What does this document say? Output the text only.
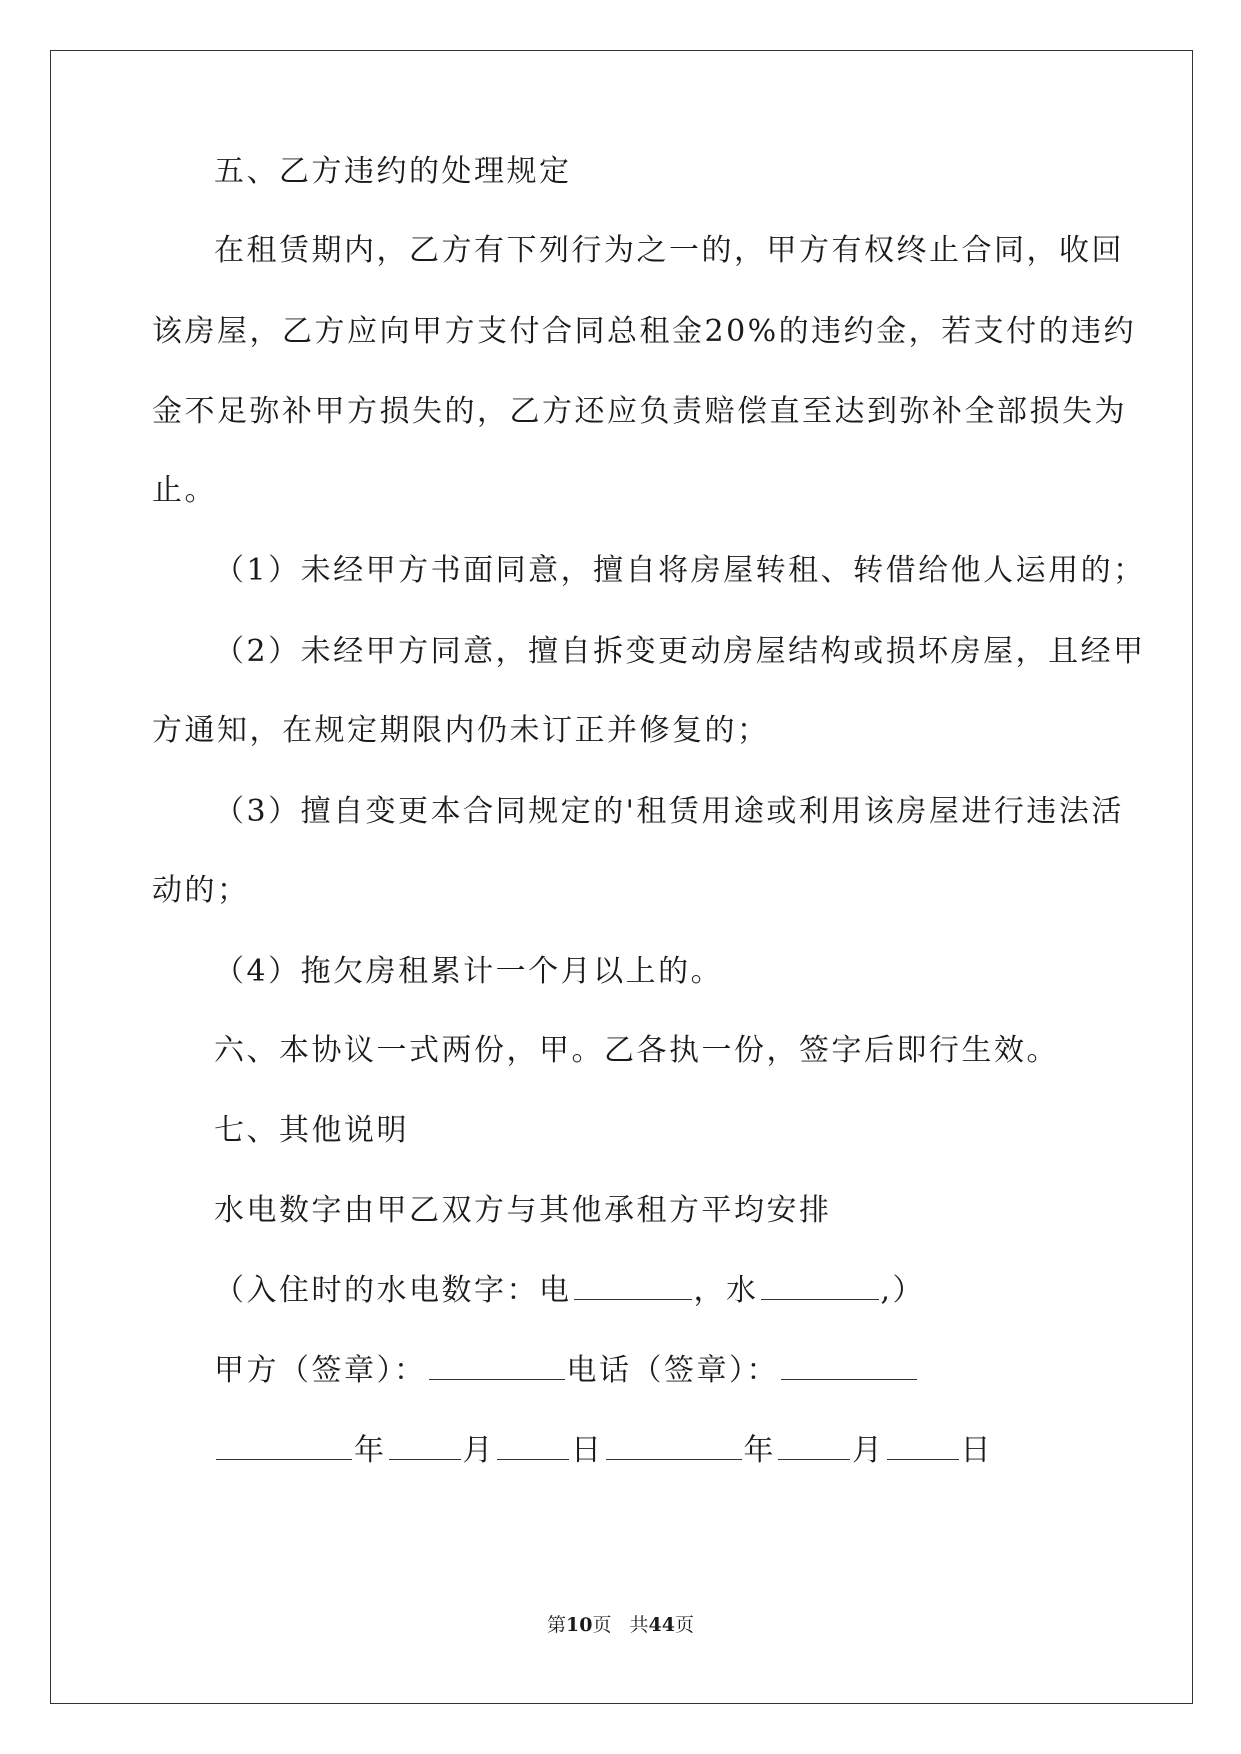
五、乙方违约的处理规定
在租赁期内，乙方有下列行为之一的，甲方有权终止合同，收回
该房屋，乙方应向甲方支付合同总租金20%的违约金，若支付的违约
金不足弥补甲方损失的，乙方还应负责赔偿直至达到弥补全部损失为
止。
（1）未经甲方书面同意，擅自将房屋转租、转借给他人运用的；
（2）未经甲方同意，擅自拆变更动房屋结构或损坏房屋，且经甲
方通知，在规定期限内仍未订正并修复的；
（3）擅自变更本合同规定的'租赁用途或利用该房屋进行违法活
动的；
（4）拖欠房租累计一个月以上的。
六、本协议一式两份，甲。乙各执一份，签字后即行生效。
七、其他说明
水电数字由甲乙双方与其他承租方平均安排
（入住时的水电数字：电	，水	,）
甲方（签章）：	电话（签章）：
年	月	日	年	月	日
第10页 共44页
